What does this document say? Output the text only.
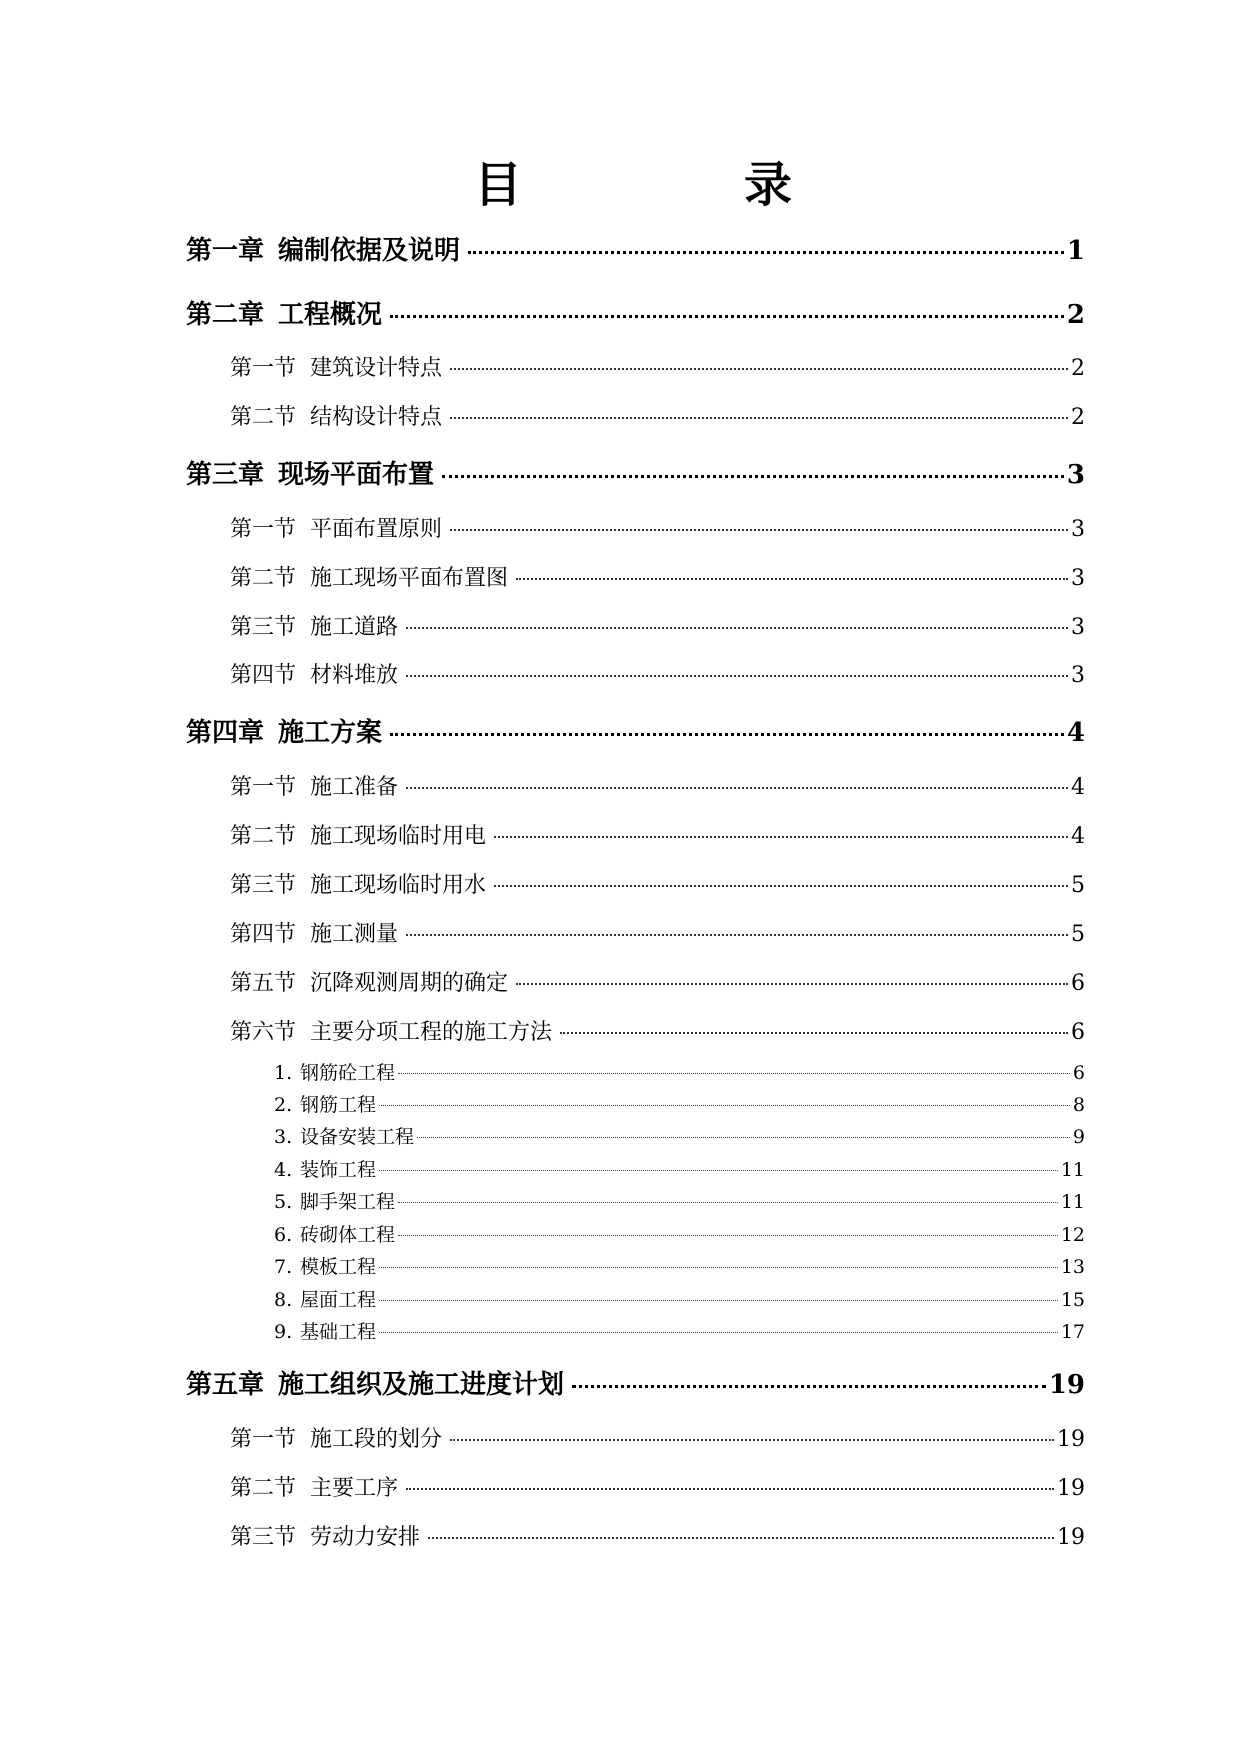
目	录
第一章 编制依据及说明	1
第二章 工程概况	2
第一节 建筑设计特点	2
第二节 结构设计特点	2
第三章 现场平面布置	3
第一节 平面布置原则	3
第二节 施工现场平面布置图	3
第三节 施工道路	3
第四节 材料堆放	3
第四章 施工方案	4
第一节 施工准备	4
第二节 施工现场临时用电	4
第三节 施工现场临时用水	5
第四节 施工测量	5
第五节 沉降观测周期的确定	6
第六节 主要分项工程的施工方法	6
1. 钢筋砼工程	6
2. 钢筋工程	8
3. 设备安装工程	9
4. 装饰工程	11
5. 脚手架工程	11
6. 砖砌体工程	12
7. 模板工程	13
8. 屋面工程	15
9. 基础工程	17
第五章 施工组织及施工进度计划	19
第一节 施工段的划分	19
第二节 主要工序	19
第三节 劳动力安排	19
